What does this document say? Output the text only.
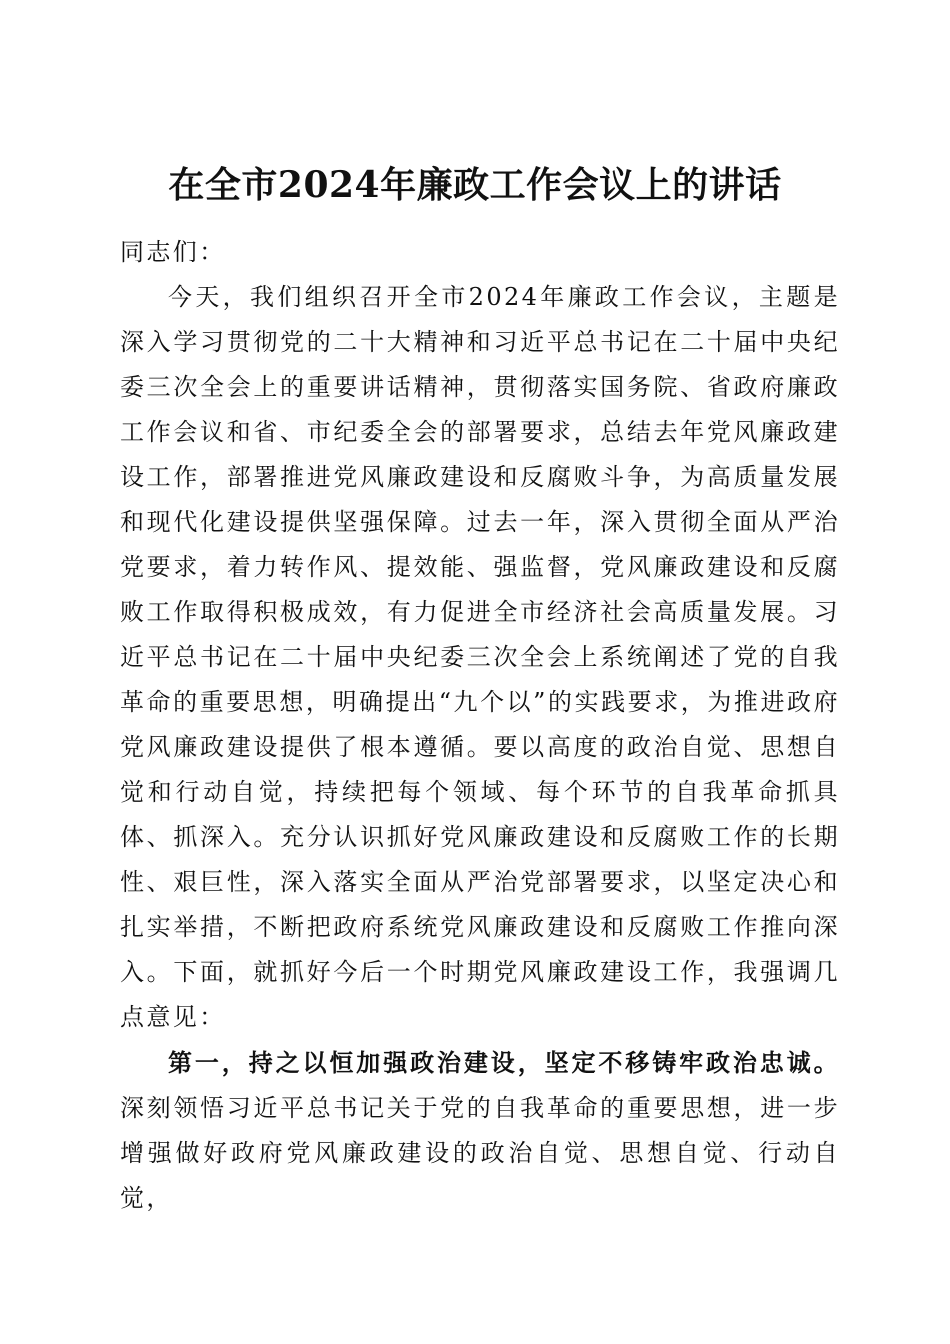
在全市2024年廉政工作会议上的讲话

同志们：

今天，我们组织召开全市2024年廉政工作会议，主题是深入学习贯彻党的二十大精神和习近平总书记在二十届中央纪委三次全会上的重要讲话精神，贯彻落实国务院、省政府廉政工作会议和省、市纪委全会的部署要求，总结去年党风廉政建设工作，部署推进党风廉政建设和反腐败斗争，为高质量发展和现代化建设提供坚强保障。过去一年，深入贯彻全面从严治党要求，着力转作风、提效能、强监督，党风廉政建设和反腐败工作取得积极成效，有力促进全市经济社会高质量发展。习近平总书记在二十届中央纪委三次全会上系统阐述了党的自我革命的重要思想，明确提出“九个以”的实践要求，为推进政府党风廉政建设提供了根本遵循。要以高度的政治自觉、思想自觉和行动自觉，持续把每个领域、每个环节的自我革命抓具体、抓深入。充分认识抓好党风廉政建设和反腐败工作的长期性、艰巨性，深入落实全面从严治党部署要求，以坚定决心和扎实举措，不断把政府系统党风廉政建设和反腐败工作推向深入。下面，就抓好今后一个时期党风廉政建设工作，我强调几点意见：

第一，持之以恒加强政治建设，坚定不移铸牢政治忠诚。深刻领悟习近平总书记关于党的自我革命的重要思想，进一步增强做好政府党风廉政建设的政治自觉、思想自觉、行动自觉，
